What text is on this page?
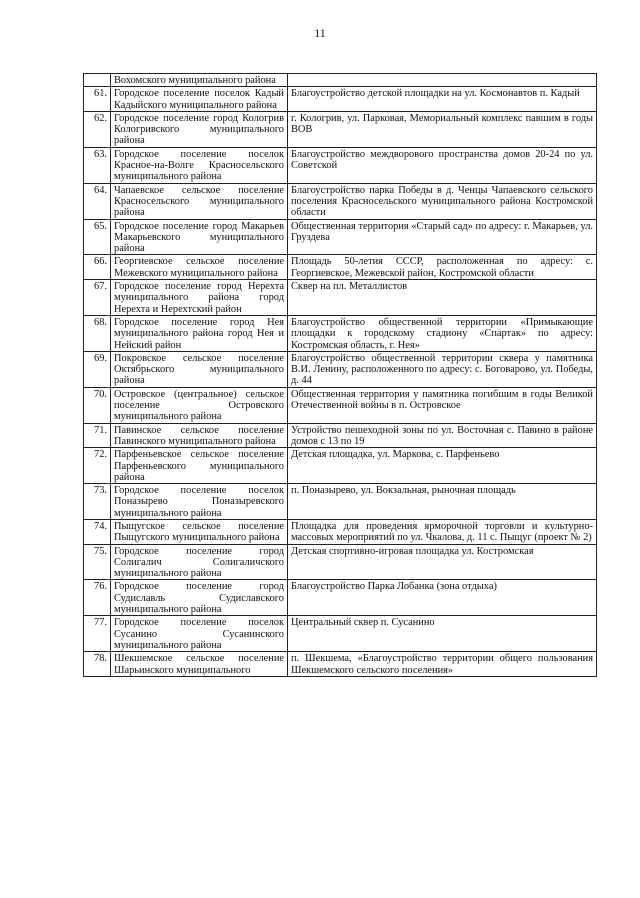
11
	Вохомского муниципального района	
61.	Городское поселение поселок Кадый Кадыйского муниципального района	Благоустройство детской площадки на ул. Космонавтов п. Кадый
62.	Городское поселение город Кологрив Кологривского муниципального района	г. Кологрив, ул. Парковая, Мемориальный комплекс павшим в годы ВОВ
63.	Городское поселение поселок Красное-на-Волге Красносельского муниципального района	Благоустройство междворового пространства домов 20-24 по ул. Советской
64.	Чапаевское сельское поселение Красносельского муниципального района	Благоустройство парка Победы в д. Ченцы Чапаевского сельского поселения Красносельского муниципального района Костромской области
65.	Городское поселение город Макарьев Макарьевского муниципального района	Общественная территория «Старый сад» по адресу: г. Макарьев, ул. Груздева
66.	Георгиевское сельское поселение Межевского муниципального района	Площадь 50-летия СССР, расположенная по адресу: с. Георгиевское, Межевской район, Костромской области
67.	Городское поселение город Нерехта муниципального района город Нерехта и Нерехтский район	Сквер на пл. Металлистов
68.	Городское поселение город Нея муниципального района город Нея и Нейский район	Благоустройство общественной территории «Примыкающие площадки к городскому стадиону «Спартак» по адресу: Костромская область, г. Нея»
69.	Покровское сельское поселение Октябрьского муниципального района	Благоустройство общественной территории сквера у памятника В.И. Ленину, расположенного по адресу: с. Боговарово, ул. Победы, д. 44
70.	Островское (центральное) сельское поселение Островского муниципального района	Общественная территория у памятника погибшим в годы Великой Отечественной войны в п. Островское
71.	Павинское сельское поселение Павинского муниципального района	Устройство пешеходной зоны по ул. Восточная с. Павино в районе домов с 13 по 19
72.	Парфеньевское сельское поселение Парфеньевского муниципального района	Детская площадка, ул. Маркова, с. Парфеньево
73.	Городское поселение поселок Поназырево Поназыревского муниципального района	п. Поназырево, ул. Вокзальная, рыночная площадь
74.	Пыщугское сельское поселение Пыщугского муниципального района	Площадка для проведения ярморочной торговли и культурно-массовых мероприятий по ул. Чкалова, д. 11 с. Пыщуг (проект № 2)
75.	Городское поселение город Солигалич Солигаличского муниципального района	Детская спортивно-игровая площадка ул. Костромская
76.	Городское поселение город Судиславль Судиславского муниципального района	Благоустройство Парка Лобанка (зона отдыха)
77.	Городское поселение поселок Сусанино Сусанинского муниципального района	Центральный сквер п. Сусанино
78.	Шекшемское сельское поселение Шарьинского муниципального	п. Шекшема, «Благоустройство территории общего пользования Шекшемского сельского поселения»
